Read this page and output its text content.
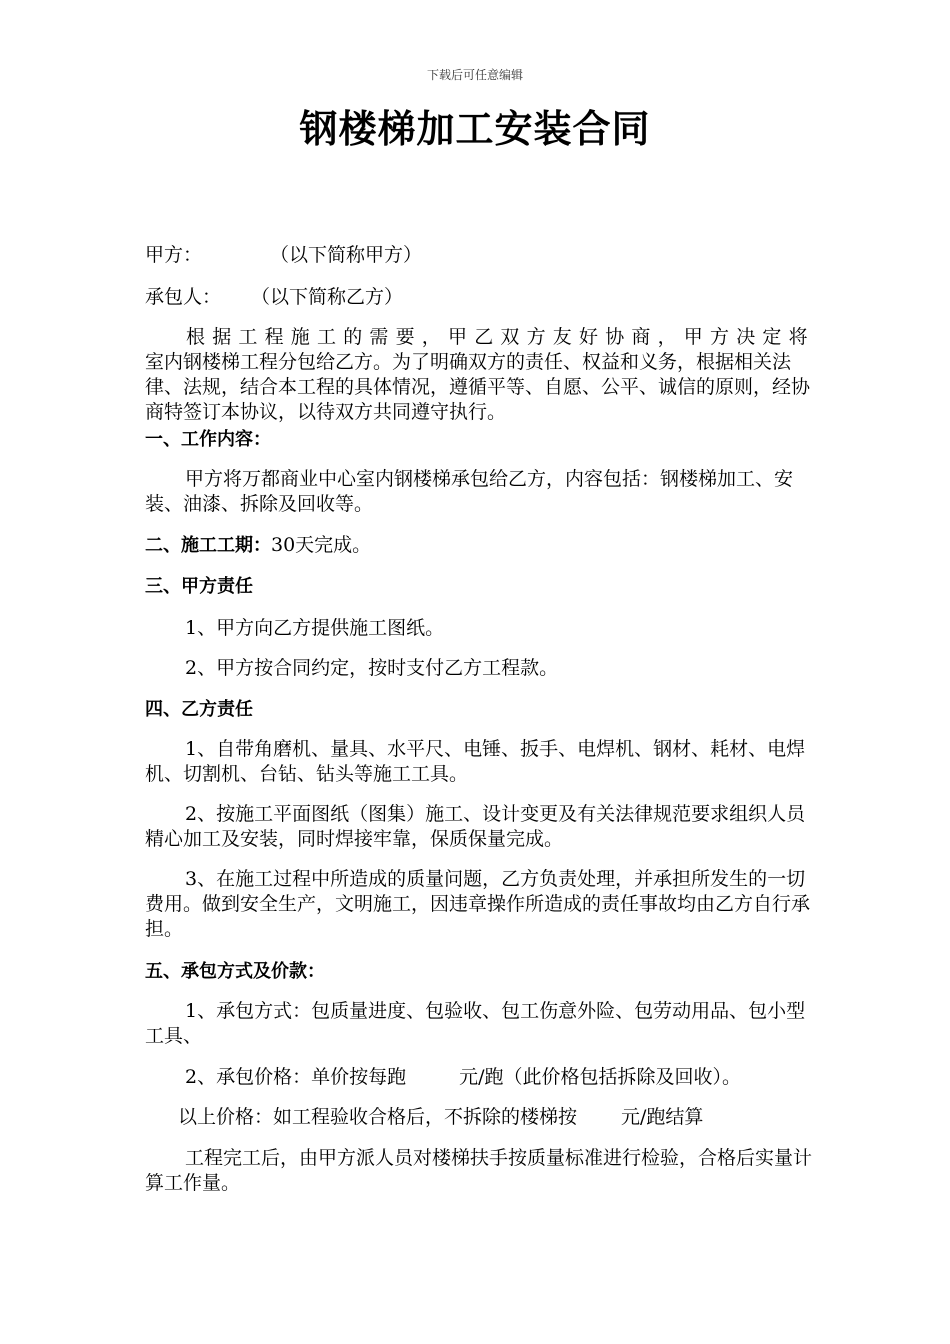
下载后可任意编辑
钢楼梯加工安装合同
甲方：	（以下简称甲方）
承包人： （以下简称乙方）
根据工程施工的需要，甲乙双方友好协商，甲方决定将
室内钢楼梯工程分包给乙方。为了明确双方的责任、权益和义务，根据相关法律、法规，结合本工程的具体情况，遵循平等、自愿、公平、诚信的原则，经协商特签订本协议，以待双方共同遵守执行。
一、工作内容：
甲方将万都商业中心室内钢楼梯承包给乙方，内容包括：钢楼梯加工、安装、油漆、拆除及回收等。
二、施工工期：30天完成。
三、甲方责任
1、甲方向乙方提供施工图纸。
2、甲方按合同约定，按时支付乙方工程款。
四、乙方责任
1、自带角磨机、量具、水平尺、电锤、扳手、电焊机、钢材、耗材、电焊机、切割机、台钻、钻头等施工工具。
2、按施工平面图纸（图集）施工、设计变更及有关法律规范要求组织人员精心加工及安装，同时焊接牢靠，保质保量完成。
3、在施工过程中所造成的质量问题，乙方负责处理，并承担所发生的一切费用。做到安全生产，文明施工，因违章操作所造成的责任事故均由乙方自行承担。
五、承包方式及价款：
1、承包方式：包质量进度、包验收、包工伤意外险、包劳动用品、包小型工具、
2、承包价格：单价按每跑	元/跑（此价格包括拆除及回收）。
以上价格：如工程验收合格后，不拆除的楼梯按 元/跑结算
工程完工后，由甲方派人员对楼梯扶手按质量标准进行检验，合格后实量计算工作量。
